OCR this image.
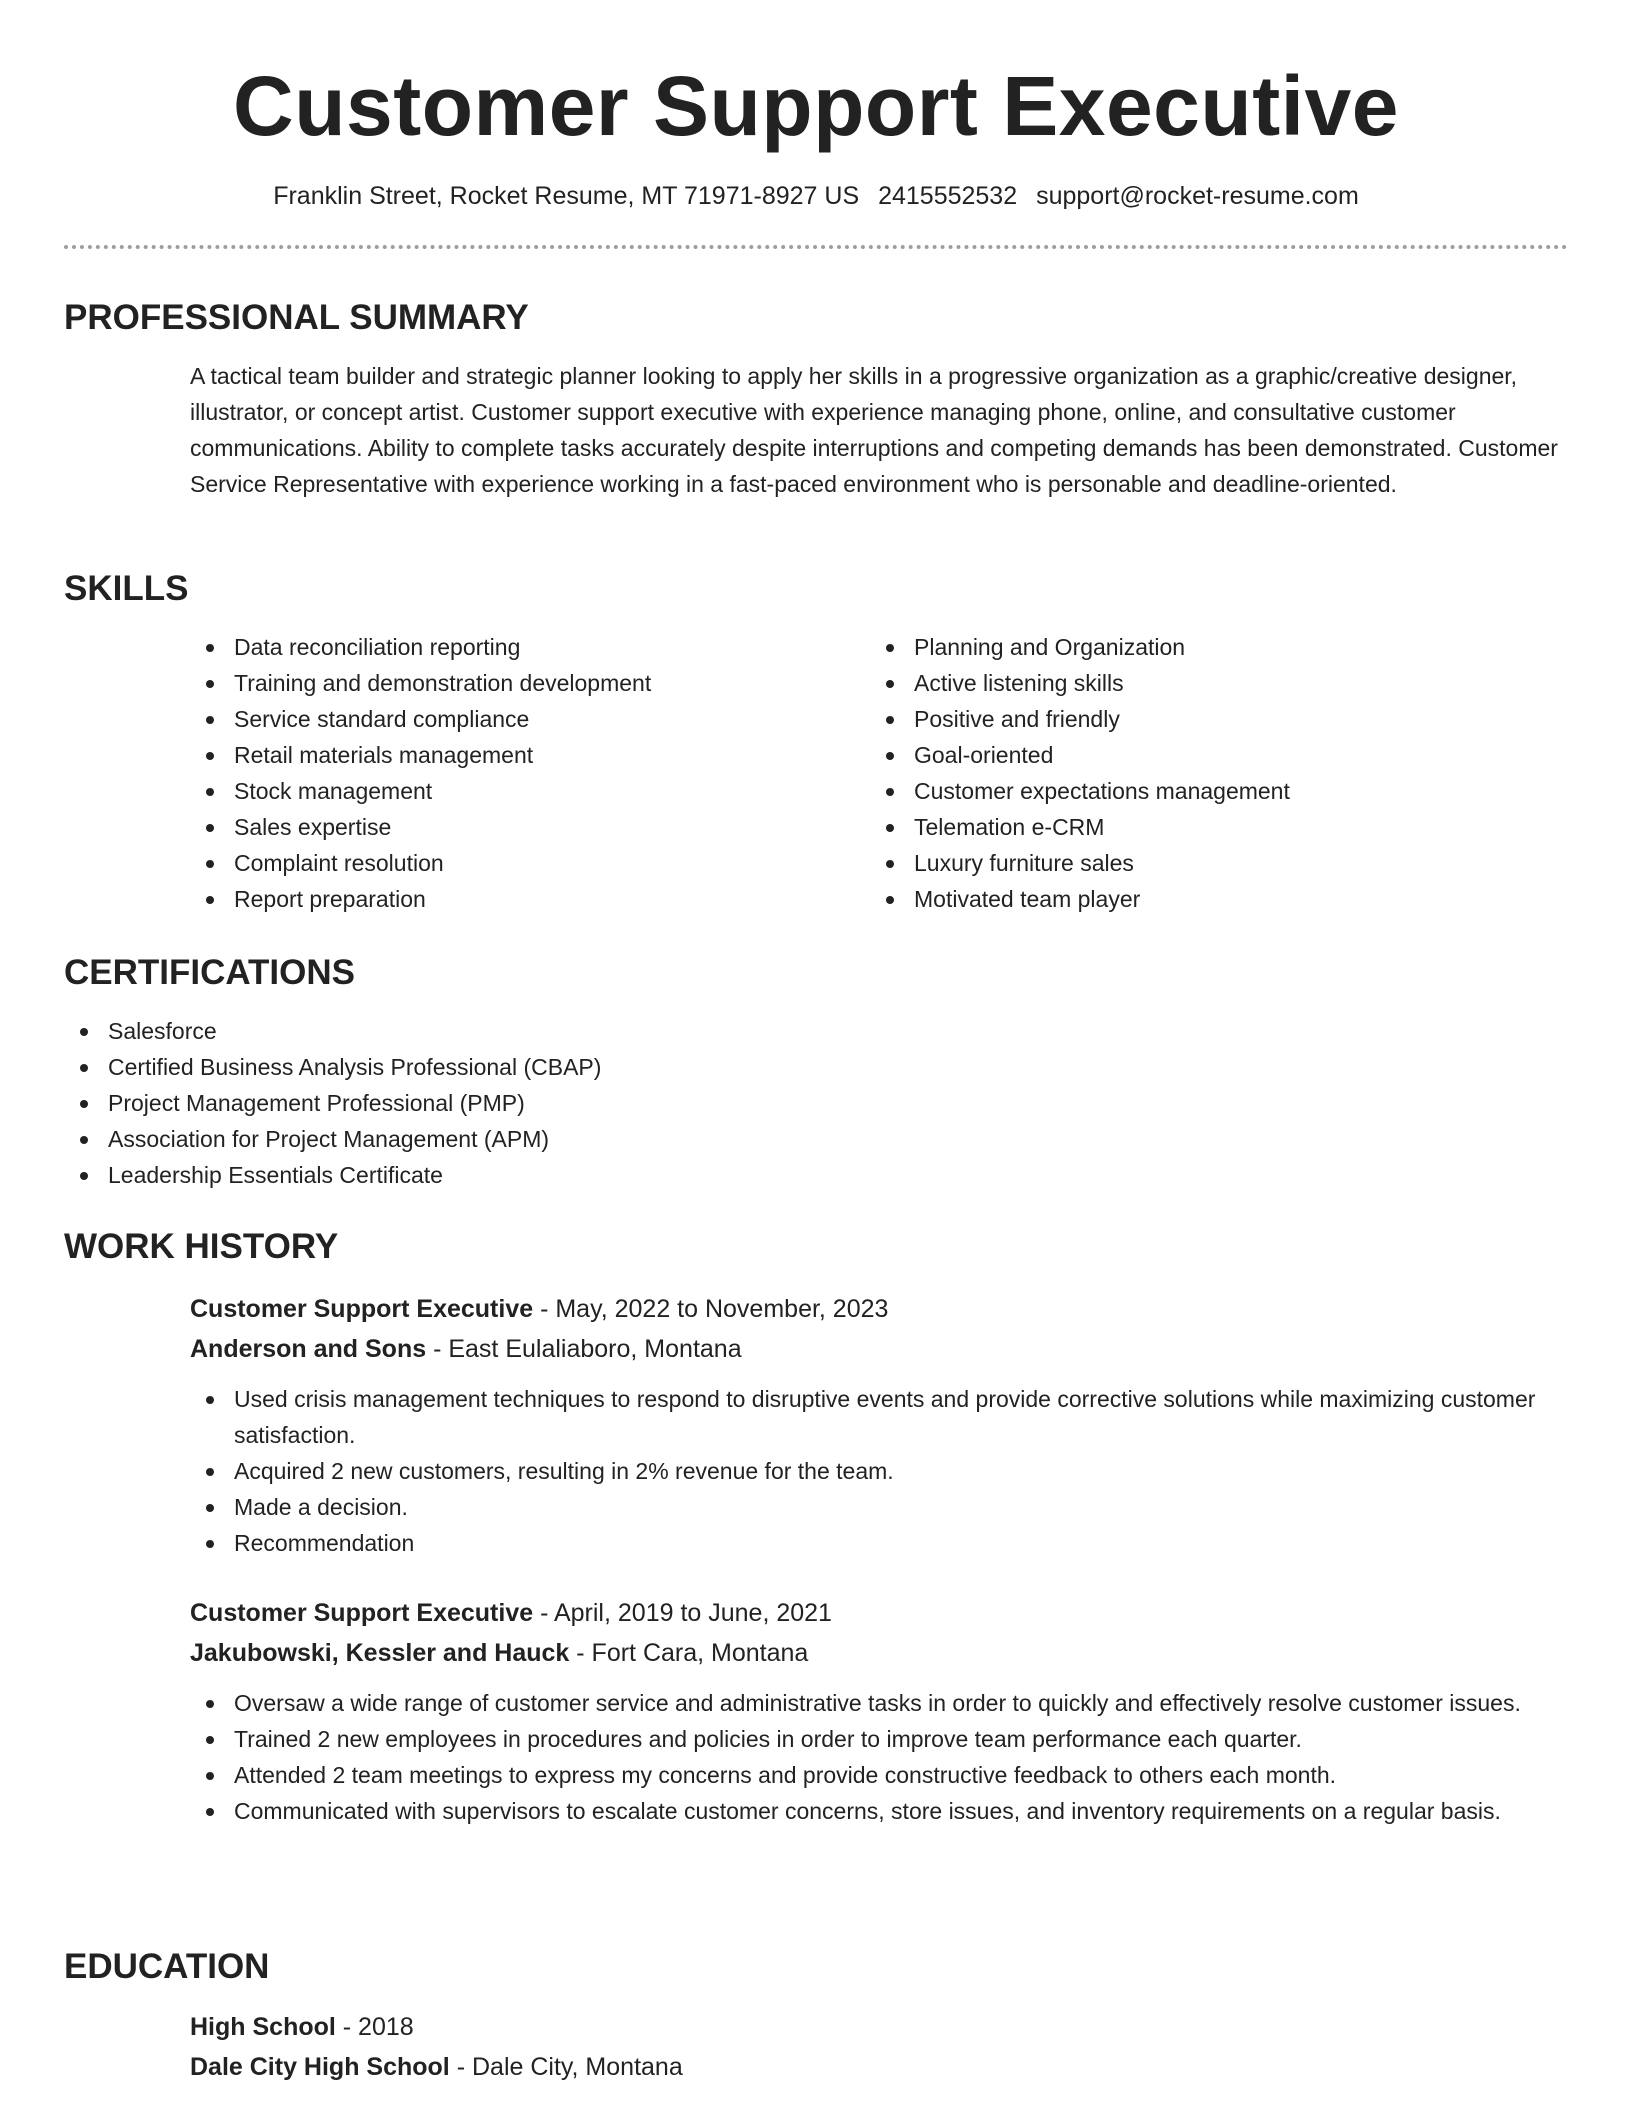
Customer Support Executive
Franklin Street, Rocket Resume, MT 71971-8927 US 2415552532 support@rocket-resume.com
PROFESSIONAL SUMMARY
A tactical team builder and strategic planner looking to apply her skills in a progressive organization as a graphic/creative designer, illustrator, or concept artist. Customer support executive with experience managing phone, online, and consultative customer communications. Ability to complete tasks accurately despite interruptions and competing demands has been demonstrated. Customer Service Representative with experience working in a fast-paced environment who is personable and deadline-oriented.
SKILLS
Data reconciliation reporting
Training and demonstration development
Service standard compliance
Retail materials management
Stock management
Sales expertise
Complaint resolution
Report preparation
Planning and Organization
Active listening skills
Positive and friendly
Goal-oriented
Customer expectations management
Telemation e-CRM
Luxury furniture sales
Motivated team player
CERTIFICATIONS
Salesforce
Certified Business Analysis Professional (CBAP)
Project Management Professional (PMP)
Association for Project Management (APM)
Leadership Essentials Certificate
WORK HISTORY
Customer Support Executive - May, 2022 to November, 2023
Anderson and Sons - East Eulaliaboro, Montana
Used crisis management techniques to respond to disruptive events and provide corrective solutions while maximizing customer satisfaction.
Acquired 2 new customers, resulting in 2% revenue for the team.
Made a decision.
Recommendation
Customer Support Executive - April, 2019 to June, 2021
Jakubowski, Kessler and Hauck - Fort Cara, Montana
Oversaw a wide range of customer service and administrative tasks in order to quickly and effectively resolve customer issues.
Trained 2 new employees in procedures and policies in order to improve team performance each quarter.
Attended 2 team meetings to express my concerns and provide constructive feedback to others each month.
Communicated with supervisors to escalate customer concerns, store issues, and inventory requirements on a regular basis.
EDUCATION
High School - 2018
Dale City High School - Dale City, Montana
